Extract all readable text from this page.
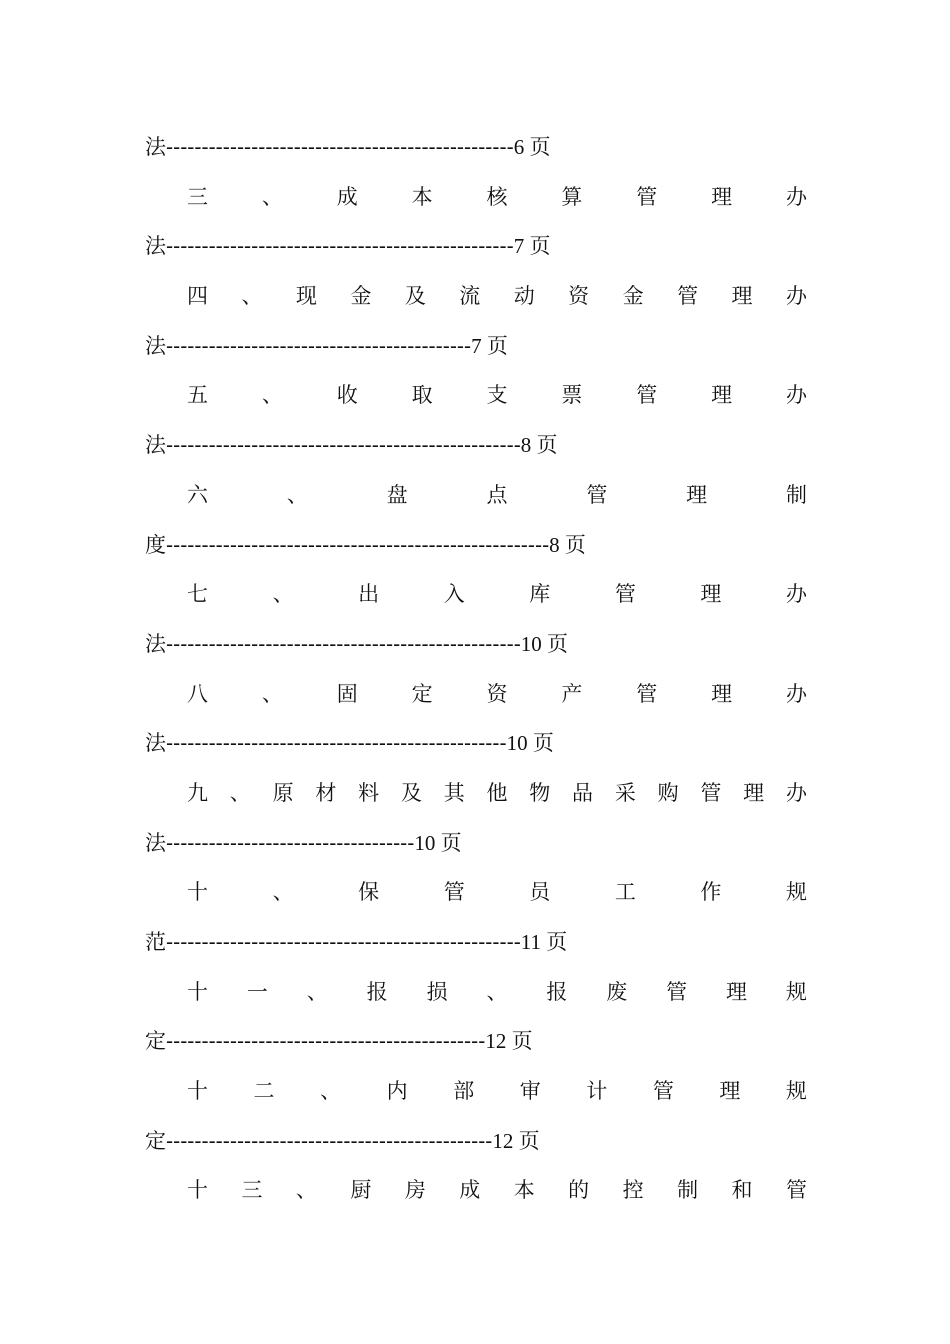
法-------------------------------------------------6 页
三	、	成	本	核	算	管	理	办
法-------------------------------------------------7 页
四 、 现 金 及 流 动 资 金 管 理 办
法-------------------------------------------7 页
五	、	收	取	支	票	管	理	办
法--------------------------------------------------8 页
六	、	盘	点	管	理	制
度------------------------------------------------------8 页
七	、	出	入	库	管	理	办
法--------------------------------------------------10 页
八	、	固	定	资	产	管	理	办
法------------------------------------------------10 页
九 、 原 材 料 及 其 他 物 品 采 购 管 理 办
法-----------------------------------10 页
十	、	保	管	员	工	作	规
范--------------------------------------------------11 页
十 一 、 报 损 、 报 废 管 理 规
定---------------------------------------------12 页
十 二 、 内 部 审 计 管 理 规
定----------------------------------------------12 页
十 三 、 厨 房 成 本 的 控 制 和 管
